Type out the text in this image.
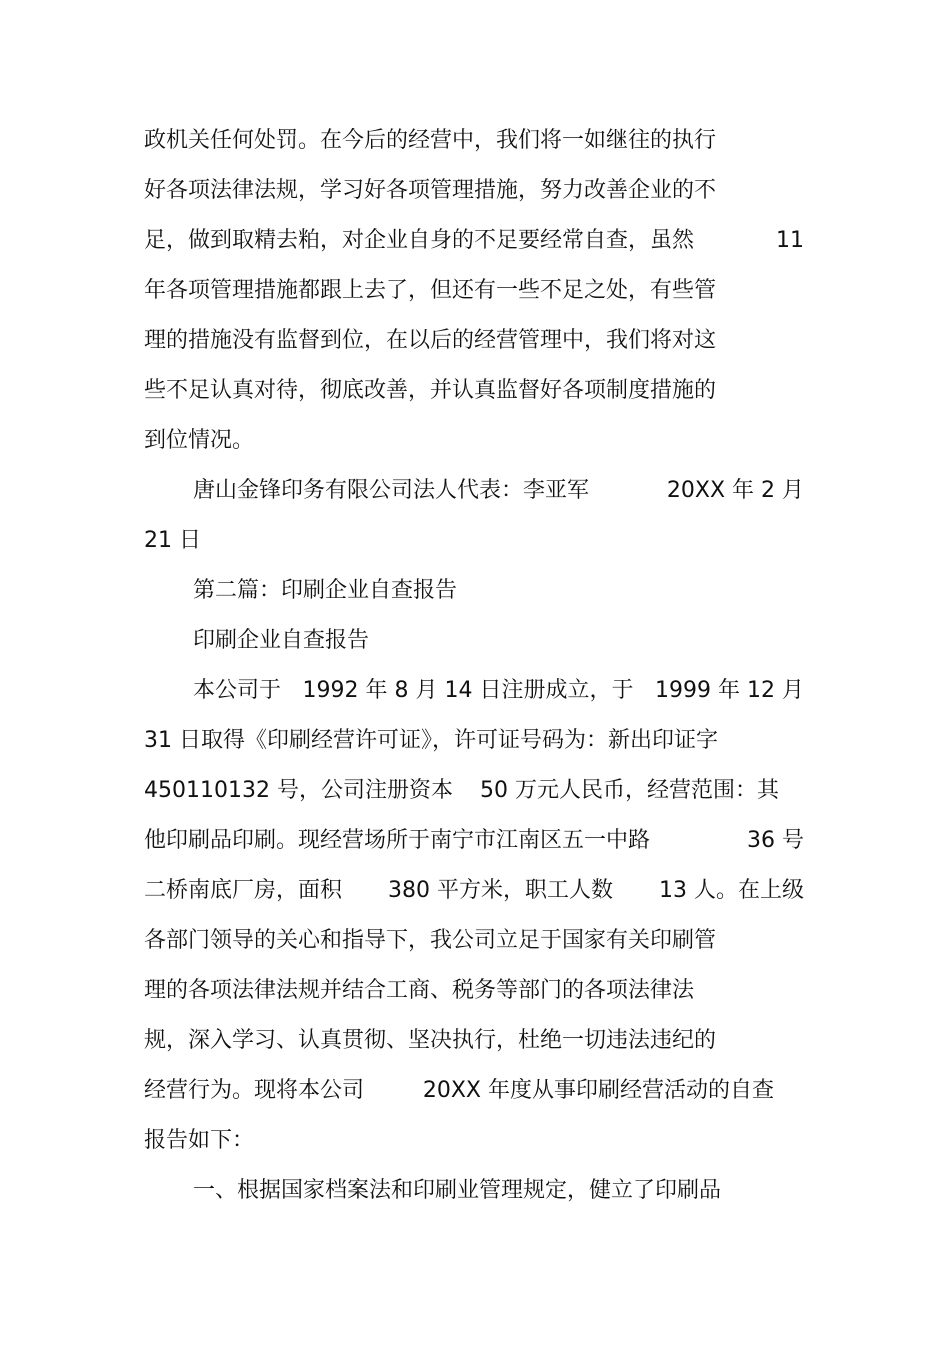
政机关任何处罚。在今后的经营中，我们将一如继往的执行
好各项法律法规，学习好各项管理措施，努力改善企业的不
足，做到取精去粕，对企业自身的不足要经常自查，虽然	11
年各项管理措施都跟上去了，但还有一些不足之处，有些管
理的措施没有监督到位，在以后的经营管理中，我们将对这
些不足认真对待，彻底改善，并认真监督好各项制度措施的
到位情况。
唐山金锋印务有限公司法人代表：李亚军	20XX 年 2 月
21 日
第二篇：印刷企业自查报告
印刷企业自查报告
本公司于 1992 年 8 月 14 日注册成立，于 1999 年 12 月
31 日取得《印刷经营许可证》，许可证号码为：新出印证字
450110132 号，公司注册资本 50 万元人民币，经营范围：其
他印刷品印刷。现经营场所于南宁市江南区五一中路	36 号
二桥南底厂房，面积 380 平方米，职工人数 13 人。在上级
各部门领导的关心和指导下，我公司立足于国家有关印刷管
理的各项法律法规并结合工商、税务等部门的各项法律法
规，深入学习、认真贯彻、坚决执行，杜绝一切违法违纪的
经营行为。现将本公司	20XX 年度从事印刷经营活动的自查
报告如下：
一、根据国家档案法和印刷业管理规定，健立了印刷品
